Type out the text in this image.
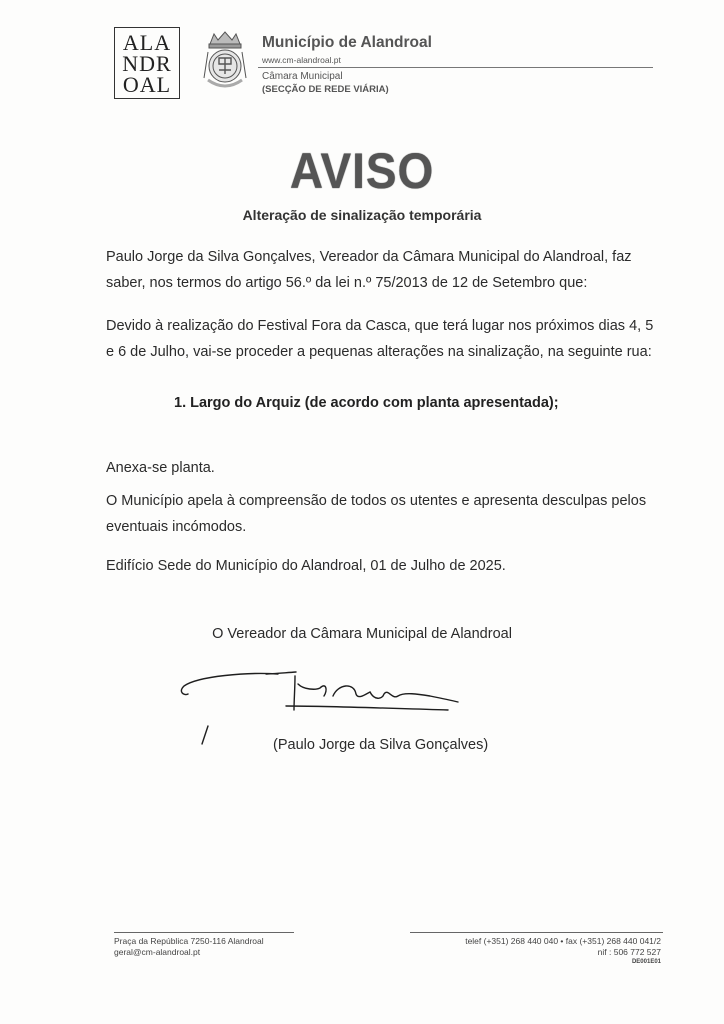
ALA
NDR
OAL
Município de Alandroal
www.cm-alandroal.pt
Câmara Municipal
(SECÇÃO DE REDE VIÁRIA)
AVISO
Alteração de sinalização temporária
Paulo Jorge da Silva Gonçalves, Vereador da Câmara Municipal do Alandroal, faz saber, nos termos do artigo 56.º da lei n.º 75/2013 de 12 de Setembro que:
Devido à realização do Festival Fora da Casca, que terá lugar nos próximos dias 4, 5 e 6 de Julho, vai-se proceder a pequenas alterações na sinalização, na seguinte rua:
1. Largo do Arquiz (de acordo com planta apresentada);
Anexa-se planta.
O Município apela à compreensão de todos os utentes e apresenta desculpas pelos eventuais incómodos.
Edifício Sede do Município do Alandroal, 01 de Julho de 2025.
O Vereador da Câmara Municipal de Alandroal
(Paulo Jorge da Silva Gonçalves)
Praça da República 7250-116 Alandroal
geral@cm-alandroal.pt
telef (+351) 268 440 040 • fax (+351) 268 440 041/2
nif : 506 772 527
DE001E01
